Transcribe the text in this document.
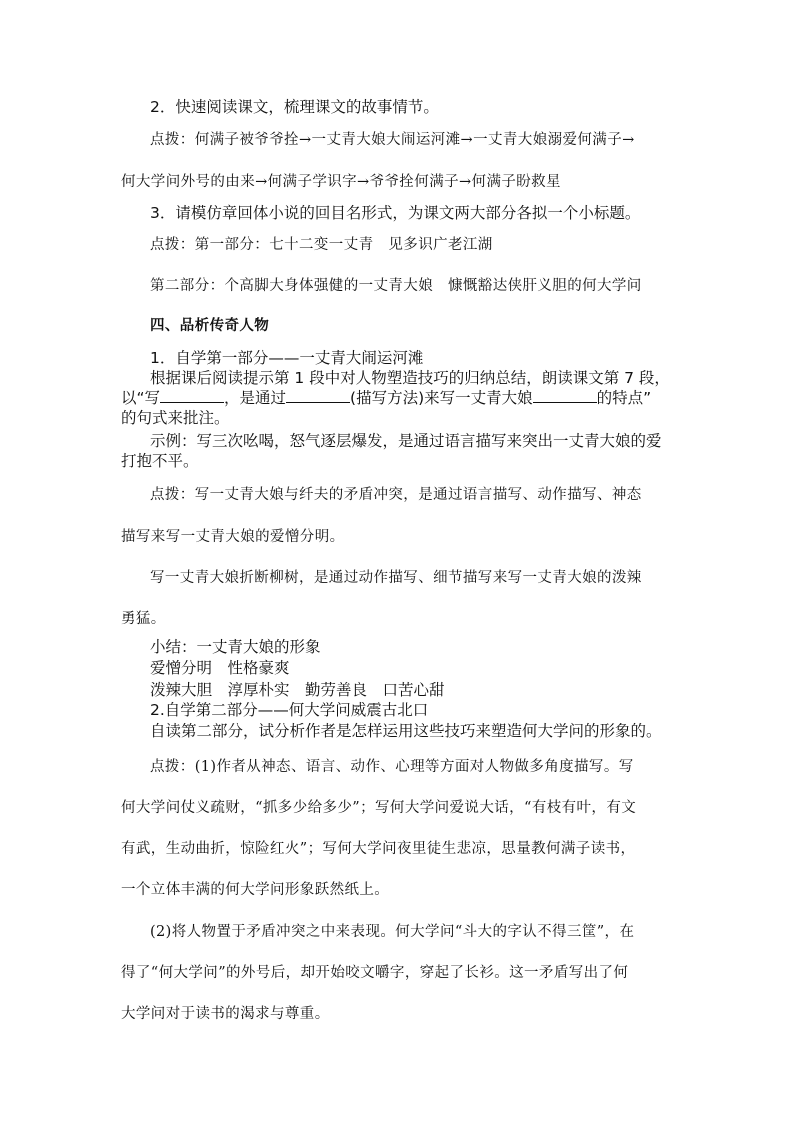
2．快速阅读课文，梳理课文的故事情节。
点拨：何满子被爷爷拴→一丈青大娘大闹运河滩→一丈青大娘溺爱何满子→
何大学问外号的由来→何满子学识字→爷爷拴何满子→何满子盼救星
3．请模仿章回体小说的回目名形式，为课文两大部分各拟一个小标题。
点拨：第一部分：七十二变一丈青　见多识广老江湖
第二部分：个高脚大身体强健的一丈青大娘　慷慨豁达侠肝义胆的何大学问
四、品析传奇人物
1．自学第一部分——一丈青大闹运河滩
根据课后阅读提示第 1 段中对人物塑造技巧的归纳总结，朗读课文第 7 段，
以“写	，是通过	(描写方法)来写一丈青大娘	的特点”
的句式来批注。
示例：写三次吆喝，怒气逐层爆发，是通过语言描写来突出一丈青大娘的爱
打抱不平。
点拨：写一丈青大娘与纤夫的矛盾冲突，是通过语言描写、动作描写、神态
描写来写一丈青大娘的爱憎分明。
写一丈青大娘折断柳树，是通过动作描写、细节描写来写一丈青大娘的泼辣
勇猛。
小结：一丈青大娘的形象
爱憎分明　性格豪爽
泼辣大胆　淳厚朴实　勤劳善良　口苦心甜
2.自学第二部分——何大学问威震古北口
自读第二部分，试分析作者是怎样运用这些技巧来塑造何大学问的形象的。
点拨：(1)作者从神态、语言、动作、心理等方面对人物做多角度描写。写
何大学问仗义疏财，“抓多少给多少”；写何大学问爱说大话，“有枝有叶，有文
有武，生动曲折，惊险红火”；写何大学问夜里徒生悲凉，思量教何满子读书，
一个立体丰满的何大学问形象跃然纸上。
(2)将人物置于矛盾冲突之中来表现。何大学问“斗大的字认不得三筐”，在
得了“何大学问”的外号后，却开始咬文嚼字，穿起了长衫。这一矛盾写出了何
大学问对于读书的渴求与尊重。
